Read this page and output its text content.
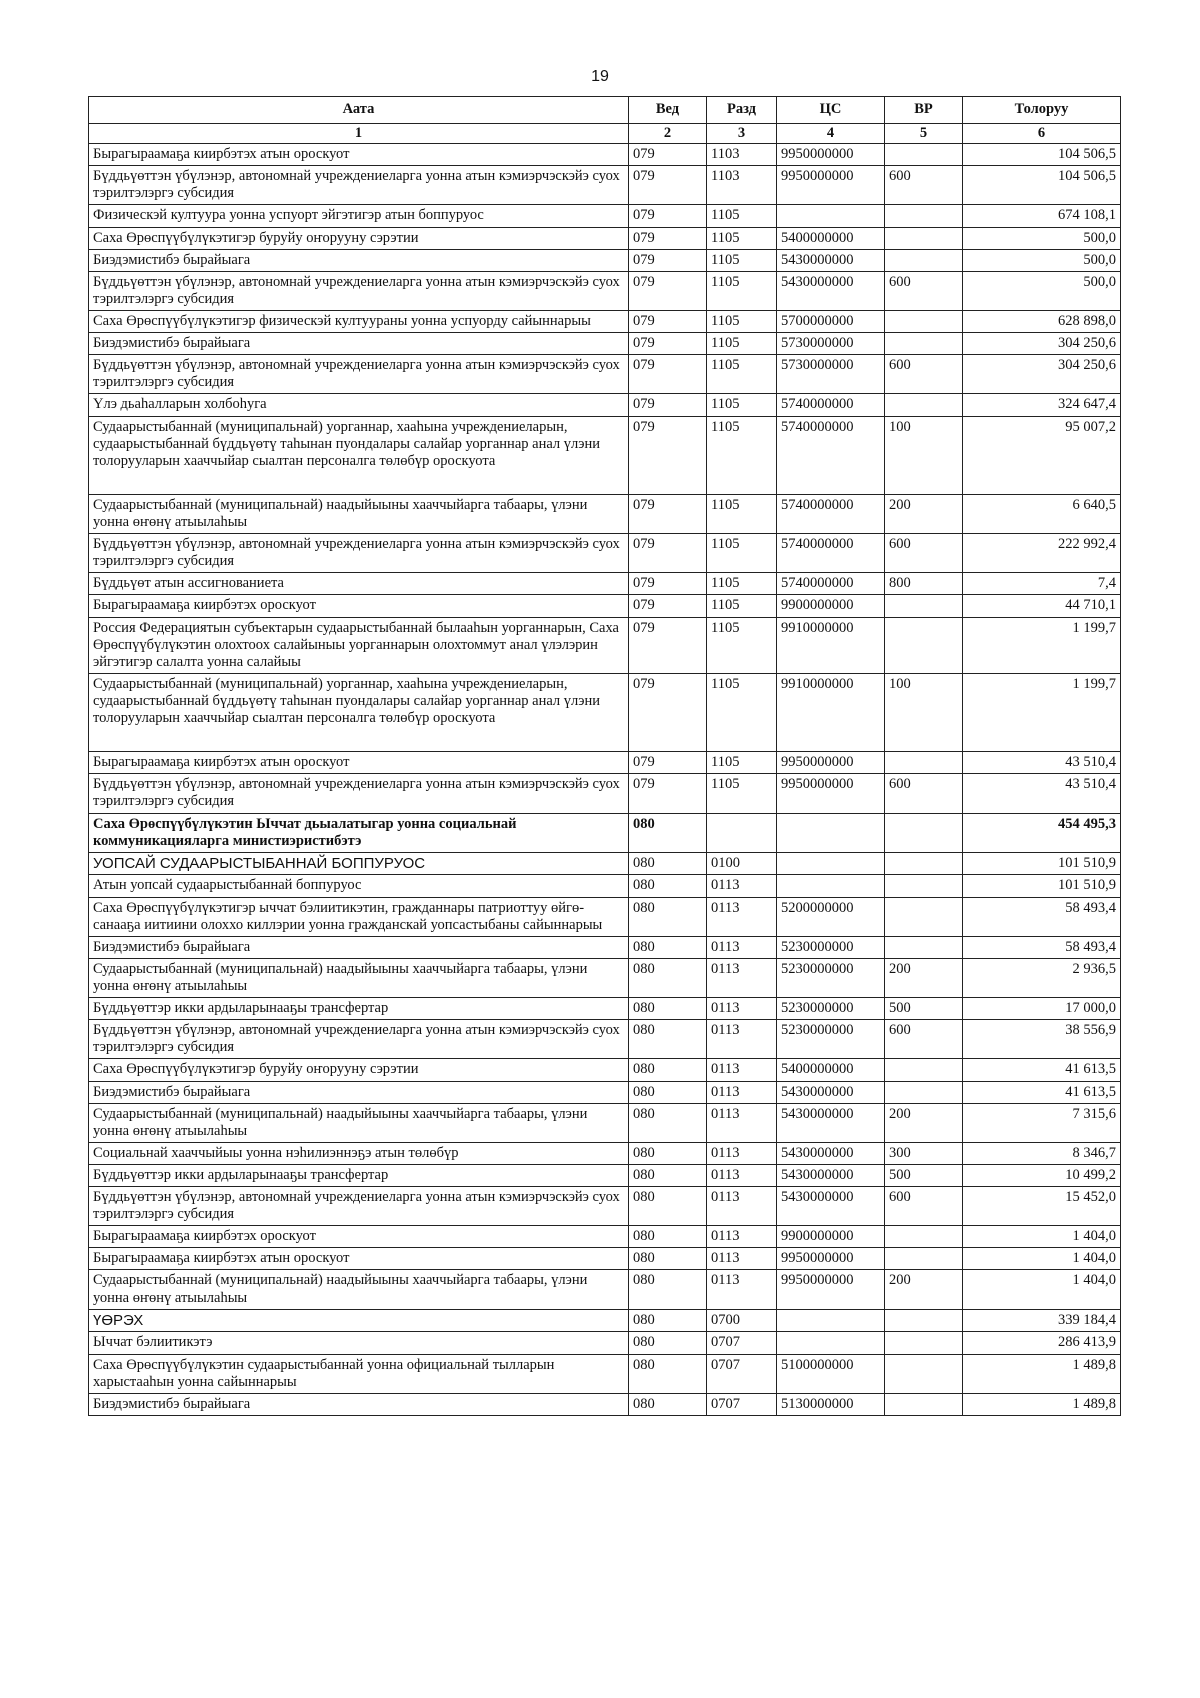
19
Аата	Вед	Разд	ЦС	ВР	Толоруу
1	2	3	4	5	6
Бырагыраамаҕа киирбэтэх атын ороскуот	079	1103	9950000000		104 506,5
Бүддьүөттэн үбүлэнэр, автономнай учреждениеларга уонна атын кэмиэрчэскэйэ суох тэрилтэлэргэ субсидия	079	1103	9950000000	600	104 506,5
Физическэй култуура уонна успуорт эйгэтигэр атын боппуруос	079	1105			674 108,1
Саха Өрөспүүбүлүкэтигэр буруйу оҥорууну сэрэтии	079	1105	5400000000		500,0
Биэдэмистибэ бырайыага	079	1105	5430000000		500,0
Бүддьүөттэн үбүлэнэр, автономнай учреждениеларга уонна атын кэмиэрчэскэйэ суох тэрилтэлэргэ субсидия	079	1105	5430000000	600	500,0
Саха Өрөспүүбүлүкэтигэр физическэй култуураны уонна успуорду сайыннарыы	079	1105	5700000000		628 898,0
Биэдэмистибэ бырайыага	079	1105	5730000000		304 250,6
Бүддьүөттэн үбүлэнэр, автономнай учреждениеларга уонна атын кэмиэрчэскэйэ суох тэрилтэлэргэ субсидия	079	1105	5730000000	600	304 250,6
Үлэ дьаһалларын холбоһуга	079	1105	5740000000		324 647,4
Судаарыстыбаннай (муниципальнай) уорганнар, хааһына учреждениеларын, судаарыстыбаннай бүддьүөтү таһынан пуондалары салайар уорганнар анал үлэни толорууларын хааччыйар сыалтан персоналга төлөбүр ороскуота	079	1105	5740000000	100	95 007,2
Судаарыстыбаннай (муниципальнай) наадыйыыны хааччыйарга табаары, үлэни уонна өҥөнү атыылаһыы	079	1105	5740000000	200	6 640,5
Бүддьүөттэн үбүлэнэр, автономнай учреждениеларга уонна атын кэмиэрчэскэйэ суох тэрилтэлэргэ субсидия	079	1105	5740000000	600	222 992,4
Бүддьүөт атын ассигнованиета	079	1105	5740000000	800	7,4
Бырагыраамаҕа киирбэтэх ороскуот	079	1105	9900000000		44 710,1
Россия Федерациятын субъектарын судаарыстыбаннай былааһын уорганнарын, Саха Өрөспүүбүлүкэтин олохтоох салайыныы уорганнарын олохтоммут анал үлэлэрин эйгэтигэр салалта уонна салайыы	079	1105	9910000000		1 199,7
Судаарыстыбаннай (муниципальнай) уорганнар, хааһына учреждениеларын, судаарыстыбаннай бүддьүөтү таһынан пуондалары салайар уорганнар анал үлэни толорууларын хааччыйар сыалтан персоналга төлөбүр ороскуота	079	1105	9910000000	100	1 199,7
Бырагыраамаҕа киирбэтэх атын ороскуот	079	1105	9950000000		43 510,4
Бүддьүөттэн үбүлэнэр, автономнай учреждениеларга уонна атын кэмиэрчэскэйэ суох тэрилтэлэргэ субсидия	079	1105	9950000000	600	43 510,4
Саха Өрөспүүбүлүкэтин Ыччат дьыалатыгар уонна социальнай коммуникацияларга министиэристибэтэ	080				454 495,3
УОПСАЙ СУДААРЫСТЫБАННАЙ БОППУРУОС	080	0100			101 510,9
Атын уопсай судаарыстыбаннай боппуруос	080	0113			101 510,9
Саха Өрөспүүбүлүкэтигэр ыччат бэлиитикэтин, гражданнары патриоттуу өйгө-санааҕа иитиини олоххо киллэрии уонна гражданскай уопсастыбаны сайыннарыы	080	0113	5200000000		58 493,4
Биэдэмистибэ бырайыага	080	0113	5230000000		58 493,4
Судаарыстыбаннай (муниципальнай) наадыйыыны хааччыйарга табаары, үлэни уонна өҥөнү атыылаһыы	080	0113	5230000000	200	2 936,5
Бүддьүөттэр икки ардыларынааҕы трансфертар	080	0113	5230000000	500	17 000,0
Бүддьүөттэн үбүлэнэр, автономнай учреждениеларга уонна атын кэмиэрчэскэйэ суох тэрилтэлэргэ субсидия	080	0113	5230000000	600	38 556,9
Саха Өрөспүүбүлүкэтигэр буруйу оҥорууну сэрэтии	080	0113	5400000000		41 613,5
Биэдэмистибэ бырайыага	080	0113	5430000000		41 613,5
Судаарыстыбаннай (муниципальнай) наадыйыыны хааччыйарга табаары, үлэни уонна өҥөнү атыылаһыы	080	0113	5430000000	200	7 315,6
Социальнай хааччыйыы уонна нэһилиэннэҕэ атын төлөбүр	080	0113	5430000000	300	8 346,7
Бүддьүөттэр икки ардыларынааҕы трансфертар	080	0113	5430000000	500	10 499,2
Бүддьүөттэн үбүлэнэр, автономнай учреждениеларга уонна атын кэмиэрчэскэйэ суох тэрилтэлэргэ субсидия	080	0113	5430000000	600	15 452,0
Бырагыраамаҕа киирбэтэх ороскуот	080	0113	9900000000		1 404,0
Бырагыраамаҕа киирбэтэх атын ороскуот	080	0113	9950000000		1 404,0
Судаарыстыбаннай (муниципальнай) наадыйыыны хааччыйарга табаары, үлэни уонна өҥөнү атыылаһыы	080	0113	9950000000	200	1 404,0
ҮӨРЭХ	080	0700			339 184,4
Ыччат бэлиитикэтэ	080	0707			286 413,9
Саха Өрөспүүбүлүкэтин судаарыстыбаннай уонна официальнай тылларын харыстааһын уонна сайыннарыы	080	0707	5100000000		1 489,8
Биэдэмистибэ бырайыага	080	0707	5130000000		1 489,8
